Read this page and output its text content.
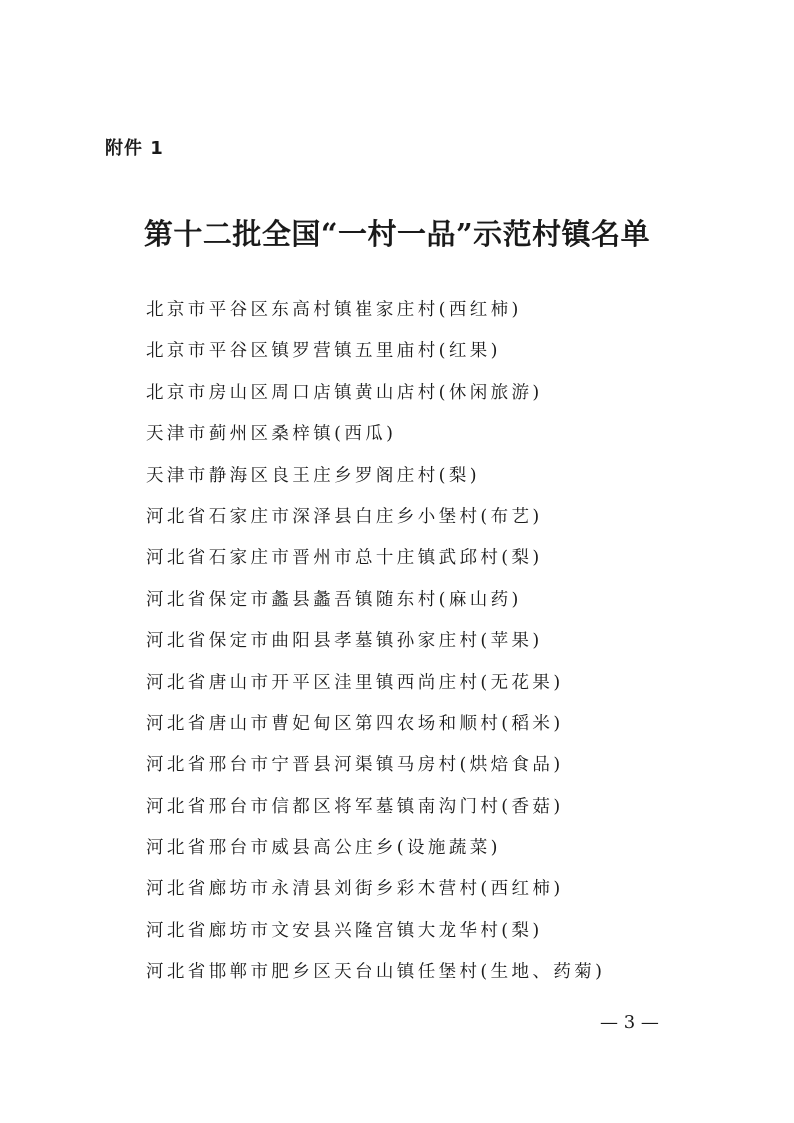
附件 1
第十二批全国“一村一品”示范村镇名单
北京市平谷区东高村镇崔家庄村(西红柿)
北京市平谷区镇罗营镇五里庙村(红果)
北京市房山区周口店镇黄山店村(休闲旅游)
天津市蓟州区桑梓镇(西瓜)
天津市静海区良王庄乡罗阁庄村(梨)
河北省石家庄市深泽县白庄乡小堡村(布艺)
河北省石家庄市晋州市总十庄镇武邱村(梨)
河北省保定市蠡县蠡吾镇随东村(麻山药)
河北省保定市曲阳县孝墓镇孙家庄村(苹果)
河北省唐山市开平区洼里镇西尚庄村(无花果)
河北省唐山市曹妃甸区第四农场和顺村(稻米)
河北省邢台市宁晋县河渠镇马房村(烘焙食品)
河北省邢台市信都区将军墓镇南沟门村(香菇)
河北省邢台市威县高公庄乡(设施蔬菜)
河北省廊坊市永清县刘街乡彩木营村(西红柿)
河北省廊坊市文安县兴隆宫镇大龙华村(梨)
河北省邯郸市肥乡区天台山镇任堡村(生地、药菊)
— 3 —
